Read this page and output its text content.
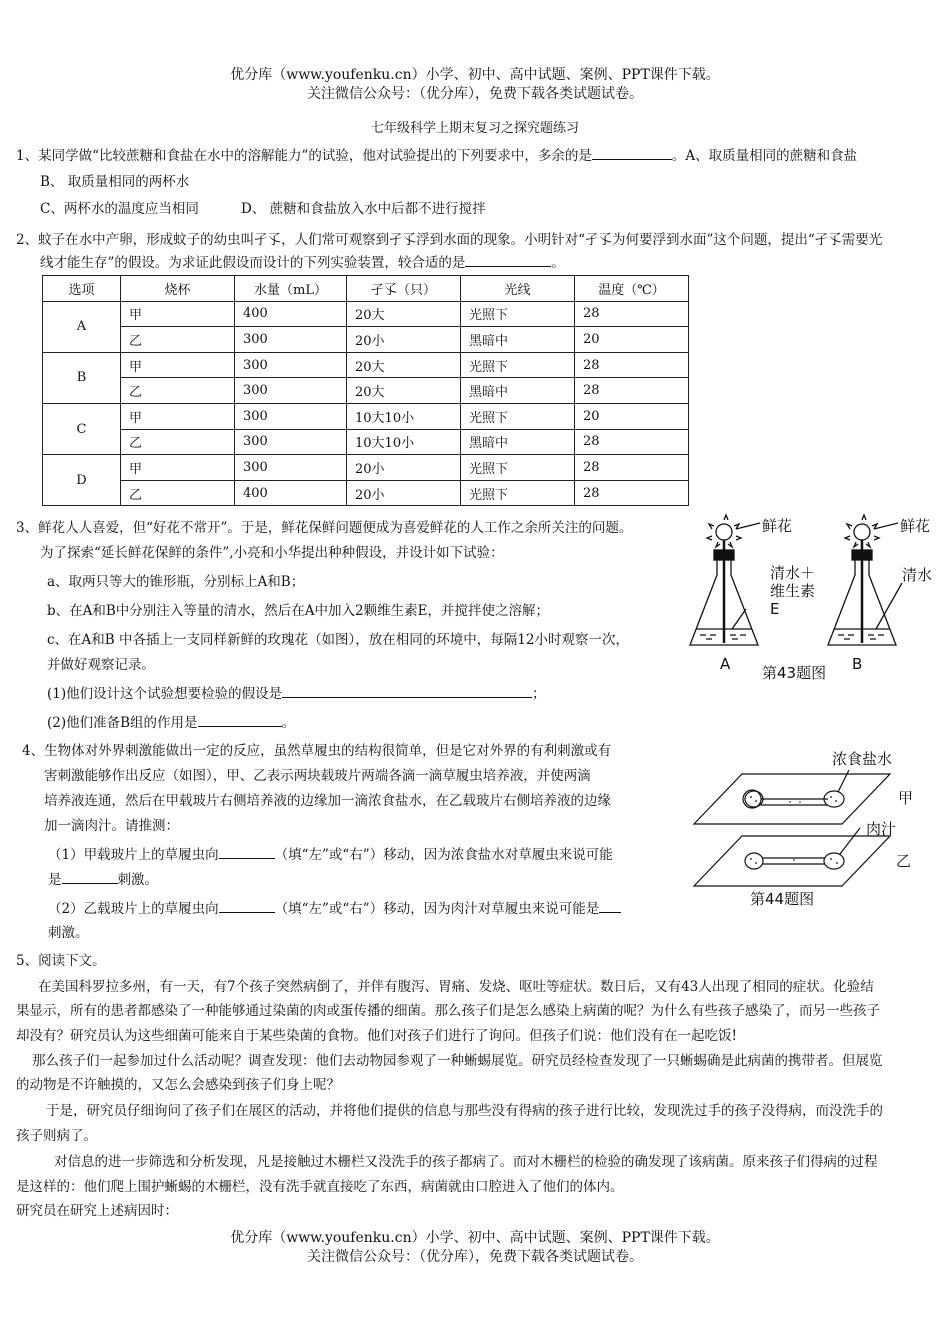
优分库（www.youfenku.cn）小学、初中、高中试题、案例、PPT课件下载。
关注微信公众号：（优分库），免费下载各类试题试卷。
七年级科学上期末复习之探究题练习
1、某同学做“比较蔗糖和食盐在水中的溶解能力”的试验，他对试验提出的下列要求中，多余的是	。A、取质量相同的蔗糖和食盐
B、 取质量相同的两杯水
C、两杯水的温度应当相同	D、 蔗糖和食盐放入水中后都不进行搅拌
2、蚊子在水中产卵，形成蚊子的幼虫叫孑孓，人们常可观察到孑孓浮到水面的现象。小明针对“孑孓为何要浮到水面”这个问题，提出“孑孓需要光
线才能生存”的假设。为求证此假设而设计的下列实验装置，较合适的是	。
选项	烧杯	水量（mL）	孑孓（只）	光线	温度（℃）
A	甲	400	20大	光照下	28
	乙	300	20小	黑暗中	20
B	甲	300	20大	光照下	28
	乙	300	20大	黑暗中	28
C	甲	300	10大10小	光照下	20
	乙	300	10大10小	黑暗中	28
D	甲	300	20小	光照下	28
	乙	400	20小	光照下	28
3、鲜花人人喜爱，但“好花不常开”。于是，鲜花保鲜问题便成为喜爱鲜花的人工作之余所关注的问题。
为了探索“延长鲜花保鲜的条件”,小亮和小华提出种种假设，并设计如下试验：
a、取两只等大的锥形瓶，分别标上A和B；
b、在A和B中分别注入等量的清水，然后在A中加入2颗维生素E，并搅拌使之溶解；
c、在A和B 中各插上一支同样新鲜的玫瑰花（如图），放在相同的环境中，每隔12小时观察一次，
并做好观察记录。
(1)他们设计这个试验想要检验的假设是	；
(2)他们准备B组的作用是	。
鲜花	鲜花
清水＋
维生素
E
清水
A 第43题图 B
4、生物体对外界刺激能做出一定的反应，虽然草履虫的结构很简单，但是它对外界的有利刺激或有
害刺激能够作出反应（如图），甲、乙表示两块载玻片两端各滴一滴草履虫培养液，并使两滴
培养液连通，然后在甲载玻片右侧培养液的边缘加一滴浓食盐水，在乙载玻片右侧培养液的边缘
加一滴肉汁。请推测：
（1）甲载玻片上的草履虫向	（填“左”或“右”）移动，因为浓食盐水对草履虫来说可能
是	刺激。
（2）乙载玻片上的草履虫向	（填“左”或“右”）移动，因为肉汁对草履虫来说可能是
刺激。
浓食盐水
甲
肉汁
乙
第44题图
5、阅读下文。
在美国科罗拉多州，有一天，有7个孩子突然病倒了，并伴有腹泻、胃痛、发烧、呕吐等症状。数日后，又有43人出现了相同的症状。化验结
果显示，所有的患者都感染了一种能够通过染菌的肉或蛋传播的细菌。那么孩子们是怎么感染上病菌的呢？为什么有些孩子感染了，而另一些孩子
却没有？研究员认为这些细菌可能来自于某些染菌的食物。他们对孩子们进行了询问。但孩子们说：他们没有在一起吃饭!
那么孩子们一起参加过什么活动呢？调查发现：他们去动物园参观了一种蜥蜴展览。研究员经检查发现了一只蜥蜴确是此病菌的携带者。但展览
的动物是不许触摸的，又怎么会感染到孩子们身上呢？
于是，研究员仔细询问了孩子们在展区的活动，并将他们提供的信息与那些没有得病的孩子进行比较，发现洗过手的孩子没得病，而没洗手的
孩子则病了。
对信息的进一步筛选和分析发现，凡是接触过木栅栏又没洗手的孩子都病了。而对木栅栏的检验的确发现了该病菌。原来孩子们得病的过程
是这样的：他们爬上围护蜥蜴的木栅栏，没有洗手就直接吃了东西，病菌就由口腔进入了他们的体内。
研究员在研究上述病因时：
优分库（www.youfenku.cn）小学、初中、高中试题、案例、PPT课件下载。
关注微信公众号：（优分库），免费下载各类试题试卷。
